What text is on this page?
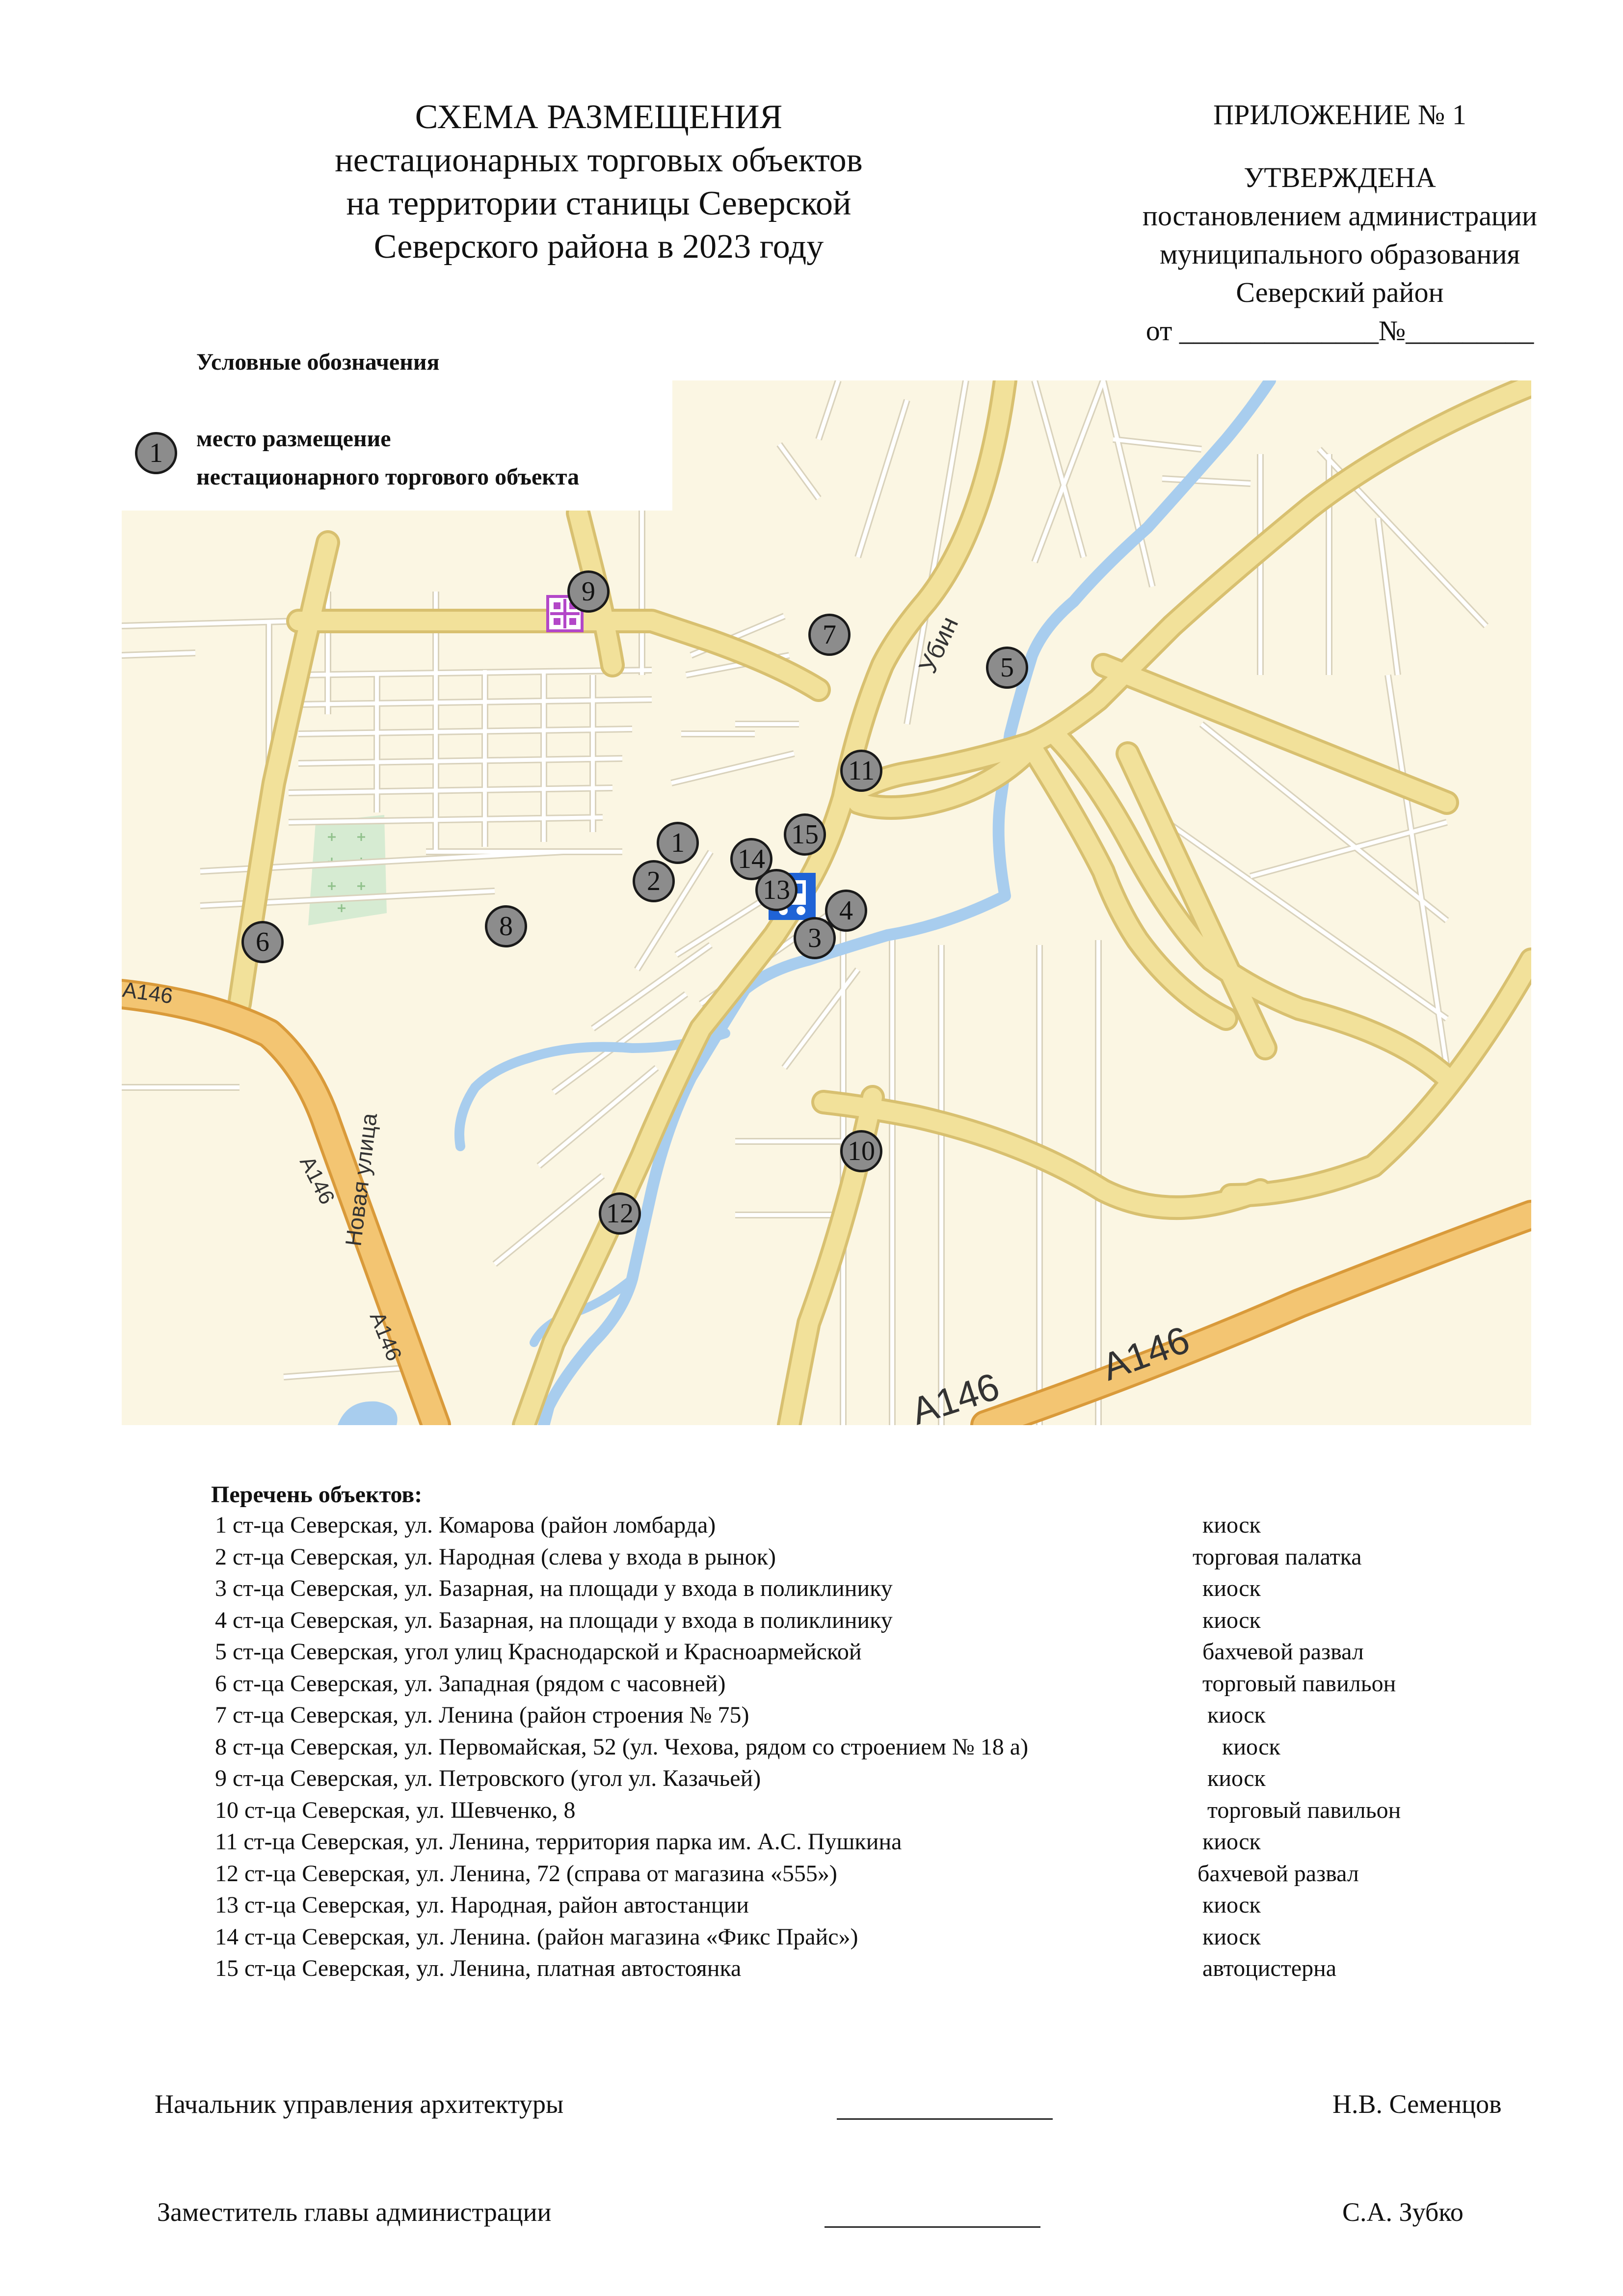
СХЕМА РАЗМЕЩЕНИЯ
нестационарных торговых объектов
на территории станицы Северской
Северского района в 2023 году
ПРИЛОЖЕНИЕ № 1
УТВЕРЖДЕНА
постановлением администрации
муниципального образования
Северский район
от ______________№_________
Убин
Новая улица
А146
А146
А146	А146
А146
1
2
3
4
5
6
7
8
9
10
11
12
13
14
15
Условные обозначения
1	место размещение
нестационарного торгового объекта
Перечень объектов:
1 ст-ца Северская, ул. Комарова (район ломбарда)	киоск
2 ст-ца Северская, ул. Народная (слева у входа в рынок)	торговая палатка
3 ст-ца Северская, ул. Базарная, на площади у входа в поликлинику	киоск
4 ст-ца Северская, ул. Базарная, на площади у входа в поликлинику	киоск
5 ст-ца Северская, угол улиц Краснодарской и Красноармейской	бахчевой развал
6 ст-ца Северская, ул. Западная (рядом с часовней)	торговый павильон
7 ст-ца Северская, ул. Ленина (район строения № 75)	киоск
8 ст-ца Северская, ул. Первомайская, 52 (ул. Чехова, рядом со строением № 18 а)	киоск
9 ст-ца Северская, ул. Петровского (угол ул. Казачьей)	киоск
10 ст-ца Северская, ул. Шевченко, 8	торговый павильон
11 ст-ца Северская, ул. Ленина, территория парка им. А.С. Пушкина	киоск
12 ст-ца Северская, ул. Ленина, 72 (справа от магазина «555»)	бахчевой развал
13 ст-ца Северская, ул. Народная, район автостанции	киоск
14 ст-ца Северская, ул. Ленина. (район магазина «Фикс Прайс»)	киоск
15 ст-ца Северская, ул. Ленина, платная автостоянка	автоцистерна
Начальник управления архитектуры	Н.В. Семенцов
Заместитель главы администрации	С.А. Зубко
